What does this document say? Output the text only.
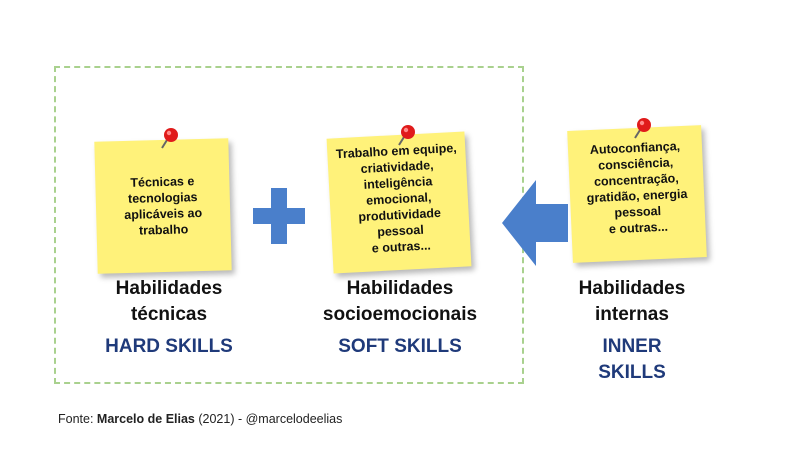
Técnicas e
tecnologias
aplicáveis ao
trabalho
Trabalho em equipe,
criatividade,
inteligência
emocional,
produtividade
pessoal
e outras...
Autoconfiança,
consciência,
concentração,
gratidão, energia
pessoal
e outras...
Habilidades
técnicas
HARD SKILLS
Habilidades
socioemocionais
SOFT SKILLS
Habilidades
internas
INNER
SKILLS
Fonte: Marcelo de Elias (2021) - @marcelodeelias
